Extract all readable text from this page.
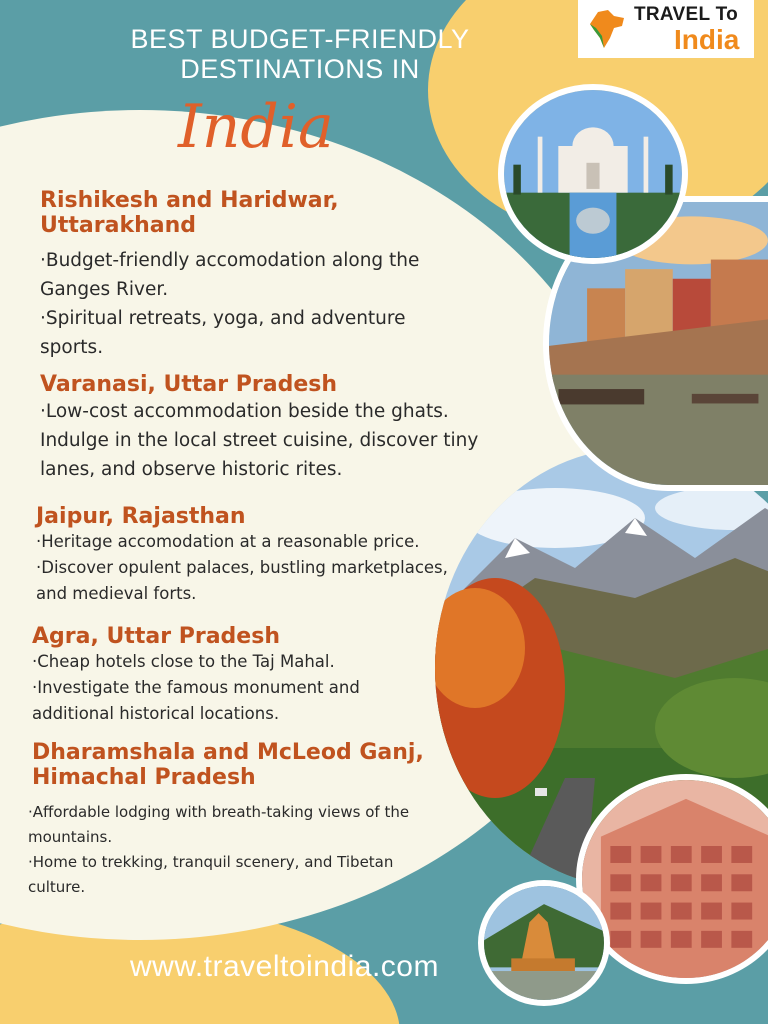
TRAVEL To
India
BEST BUDGET-FRIENDLY
DESTINATIONS IN
India
Rishikesh and Haridwar, Uttarakhand

·Budget-friendly accomodation along the Ganges River.

·Spiritual retreats, yoga, and adventure sports.

Varanasi, Uttar Pradesh

·Low-cost accommodation beside the ghats. Indulge in the local street cuisine, discover tiny lanes, and observe historic rites.

Jaipur, Rajasthan

·Heritage accomodation at a reasonable price.

·Discover opulent palaces, bustling marketplaces, and medieval forts.

Agra, Uttar Pradesh

·Cheap hotels close to the Taj Mahal.

·Investigate the famous monument and additional historical locations.

Dharamshala and McLeod Ganj, Himachal Pradesh

·Affordable lodging with breath-taking views of the mountains.

·Home to trekking, tranquil scenery, and Tibetan culture.

www.traveltoindia.com
